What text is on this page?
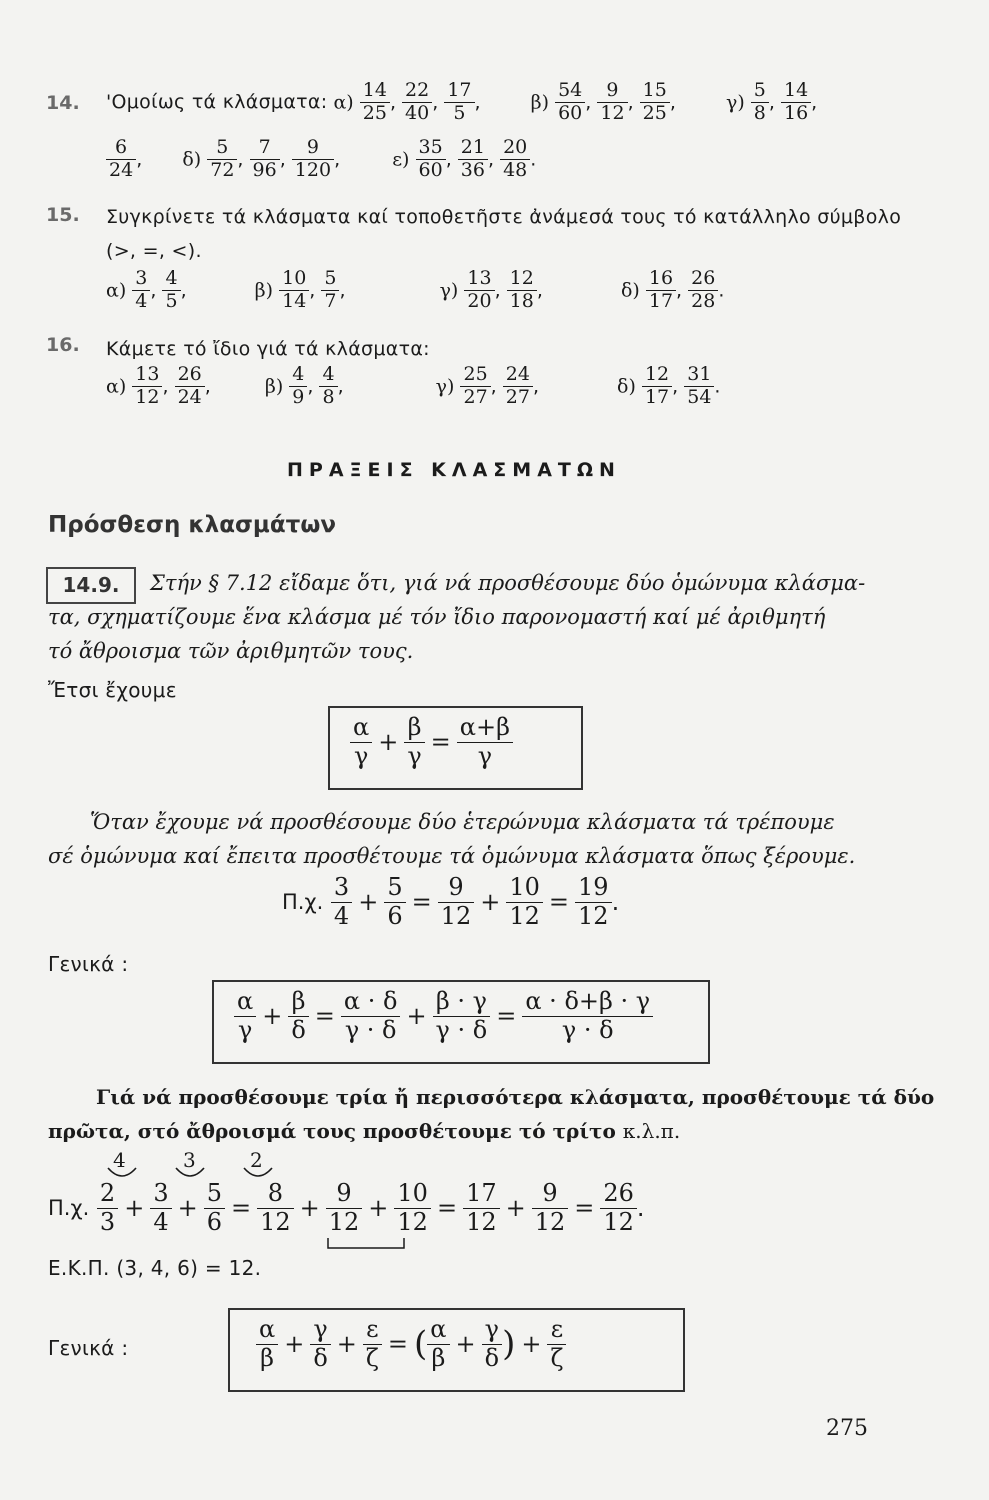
14. 'Ομοίως τά κλάσματα: $\alpha) \frac{14}{25}$ , $\frac{22}{40}$ , $\frac{17}{5}$ ,	$\beta) \frac{54}{60}$ , $\frac{9}{12}$ , $\frac{15}{25}$ ,	$\gamma) \frac{5}{8}$ , $\frac{14}{16}$ ,
$\frac{6}{24}$ , $\delta) \frac{5}{72}$ , $\frac{7}{96}$ , $\frac{9}{120}$ ,	$\varepsilon) \frac{35}{60}$ , $\frac{21}{36}$ , $\frac{20}{48}$ .
15. Συγκρίνετε τά κλάσματα καί τοποθετῆστε ἀνάμεσά τους τό κατάλληλο σύμβολο
(>, =, <).
$\alpha) \frac{3}{4}$ , $\frac{4}{5}$ ,	$\beta) \frac{10}{14}$ , $\frac{5}{7}$ ,	$\gamma) \frac{13}{20}$ , $\frac{12}{18}$ ,	$\delta) \frac{16}{17}$ , $\frac{26}{28}$ .
16. Κάμετε τό ἴδιο γιά τά κλάσματα:
$\alpha) \frac{13}{12}$ , $\frac{26}{24}$ ,	$\beta) \frac{4}{9}$ , $\frac{4}{8}$ ,	$\gamma) \frac{25}{27}$ , $\frac{24}{27}$ ,	$\delta) \frac{12}{17}$ , $\frac{31}{54}$ .
ΠΡΑΞΕΙΣ ΚΛΑΣΜΑΤΩΝ
Πρόσθεση κλασμάτων
14.9.	Στήν § 7.12 εἴδαμε ὅτι, γιά νά προσθέσουμε δύο ὁμώνυμα κλάσμα-
τα, σχηματίζουμε ἕνα κλάσμα μέ τόν ἴδιο παρονομαστή καί μέ ἀριθμητή
τό ἄθροισμα τῶν ἀριθμητῶν τους.
Ἔτσι ἔχουμε
$\frac{\alpha}{\gamma} + \frac{\beta}{\gamma} = \frac{\alpha+\beta}{\gamma}$
Ὅταν ἔχουμε νά προσθέσουμε δύο ἑτερώνυμα κλάσματα τά τρέπουμε
σέ ὁμώνυμα καί ἔπειτα προσθέτουμε τά ὁμώνυμα κλάσματα ὅπως ξέρουμε.
Π.χ. $\frac{3}{4} + \frac{5}{6} = \frac{9}{12} + \frac{10}{12} = \frac{19}{12}$ .
Γενικά :
$\frac{\alpha}{\gamma} + \frac{\beta}{\delta} = \frac{\alpha \cdot \delta}{\gamma \cdot \delta} + \frac{\beta \cdot \gamma}{\gamma \cdot \delta} = \frac{\alpha \cdot \delta+\beta \cdot \gamma}{\gamma \cdot \delta}$
Γιά νά προσθέσουμε τρία ἤ περισσότερα κλάσματα, προσθέτουμε τά δύο
πρῶτα, στό ἄθροισμά τους προσθέτουμε τό τρίτο κ.λ.π.
4	3	2
Π.χ. $\frac{2}{3} + \frac{3}{4} + \frac{5}{6} = \frac{8}{12} + \frac{9}{12} + \frac{10}{12} = \frac{17}{12} + \frac{9}{12} = \frac{26}{12}$ .
Ε.Κ.Π. (3, 4, 6) = 12.
Γενικά :	$\frac{\alpha}{\beta} + \frac{\gamma}{\delta} + \frac{\varepsilon}{\zeta}$ = ( $\frac{\alpha}{\beta} + \frac{\gamma}{\delta}$ ) + $\frac{\varepsilon}{\zeta}$
275
